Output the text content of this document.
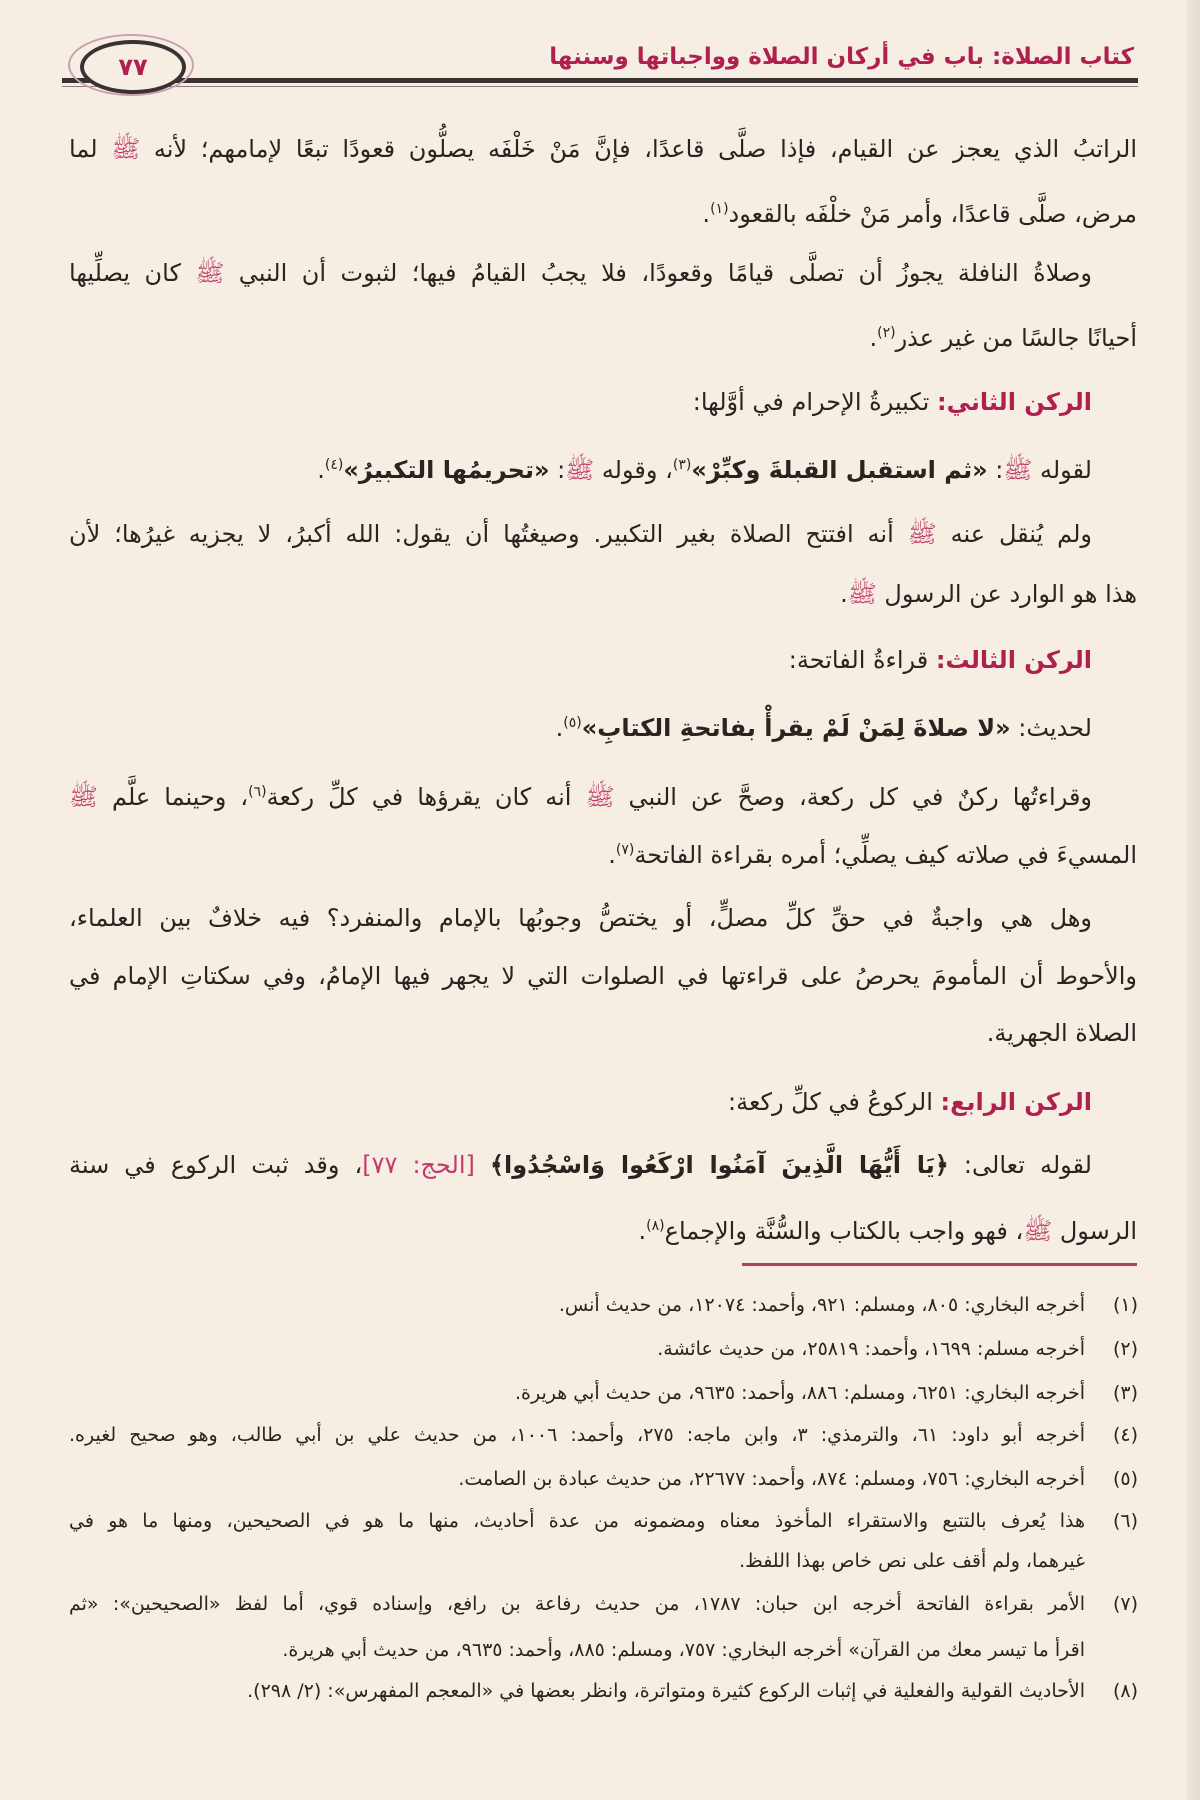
كتاب الصلاة: باب في أركان الصلاة وواجباتها وسننها
٧٧
الراتبُ الذي يعجز عن القيام، فإذا صلَّى قاعدًا، فإنَّ مَنْ خَلْفَه يصلُّون قعودًا تبعًا لإمامهم؛ لأنه ﷺ لما
مرض، صلَّى قاعدًا، وأمر مَنْ خلْفَه بالقعود$^{(١)}$.
وصلاةُ النافلة يجوزُ أن تصلَّى قيامًا وقعودًا، فلا يجبُ القيامُ فيها؛ لثبوت أن النبي ﷺ كان يصلِّيها
أحيانًا جالسًا من غير عذر$^{(٢)}$.
الركن الثاني: تكبيرةُ الإحرام في أوَّلها:
لقوله ﷺ: «ثم استقبل القبلةَ وكبِّرْ»$^{(٣)}$، وقوله ﷺ: «تحريمُها التكبيرُ»$^{(٤)}$.
ولم يُنقل عنه ﷺ أنه افتتح الصلاة بغير التكبير. وصيغتُها أن يقول: الله أكبرُ، لا يجزيه غيرُها؛ لأن
هذا هو الوارد عن الرسول ﷺ.
الركن الثالث: قراءةُ الفاتحة:
لحديث: «لا صلاةَ لِمَنْ لَمْ يقرأْ بفاتحةِ الكتابِ»$^{(٥)}$.
وقراءتُها ركنٌ في كل ركعة، وصحَّ عن النبي ﷺ أنه كان يقرؤها في كلِّ ركعة$^{(٦)}$، وحينما علَّم ﷺ
المسيءَ في صلاته كيف يصلِّي؛ أمره بقراءة الفاتحة$^{(٧)}$.
وهل هي واجبةٌ في حقِّ كلِّ مصلٍّ، أو يختصُّ وجوبُها بالإمام والمنفرد؟ فيه خلافٌ بين العلماء،
والأحوط أن المأمومَ يحرصُ على قراءتها في الصلوات التي لا يجهر فيها الإمامُ، وفي سكتاتِ الإمام في
الصلاة الجهرية.
الركن الرابع: الركوعُ في كلِّ ركعة:
لقوله تعالى: ﴿يَا أَيُّهَا الَّذِينَ آمَنُوا ارْكَعُوا وَاسْجُدُوا﴾ [الحج: ٧٧]، وقد ثبت الركوع في سنة
الرسول ﷺ، فهو واجب بالكتاب والسُّنَّة والإجماع$^{(٨)}$.
(١)
أخرجه البخاري: ٨٠٥، ومسلم: ٩٢١، وأحمد: ١٢٠٧٤، من حديث أنس.
(٢)
أخرجه مسلم: ١٦٩٩، وأحمد: ٢٥٨١٩، من حديث عائشة.
(٣)
أخرجه البخاري: ٦٢٥١، ومسلم: ٨٨٦، وأحمد: ٩٦٣٥، من حديث أبي هريرة.
(٤)
أخرجه أبو داود: ٦١، والترمذي: ٣، وابن ماجه: ٢٧٥، وأحمد: ١٠٠٦، من حديث علي بن أبي طالب، وهو صحيح لغيره.
(٥)
أخرجه البخاري: ٧٥٦، ومسلم: ٨٧٤، وأحمد: ٢٢٦٧٧، من حديث عبادة بن الصامت.
(٦)
هذا يُعرف بالتتبع والاستقراء المأخوذ معناه ومضمونه من عدة أحاديث، منها ما هو في الصحيحين، ومنها ما هو في
غيرهما، ولم أقف على نص خاص بهذا اللفظ.
(٧)
الأمر بقراءة الفاتحة أخرجه ابن حبان: ١٧٨٧، من حديث رفاعة بن رافع، وإسناده قوي، أما لفظ «الصحيحين»: «ثم
اقرأ ما تيسر معك من القرآن» أخرجه البخاري: ٧٥٧، ومسلم: ٨٨٥، وأحمد: ٩٦٣٥، من حديث أبي هريرة.
(٨)
الأحاديث القولية والفعلية في إثبات الركوع كثيرة ومتواترة، وانظر بعضها في «المعجم المفهرس»: (٢/ ٢٩٨).
